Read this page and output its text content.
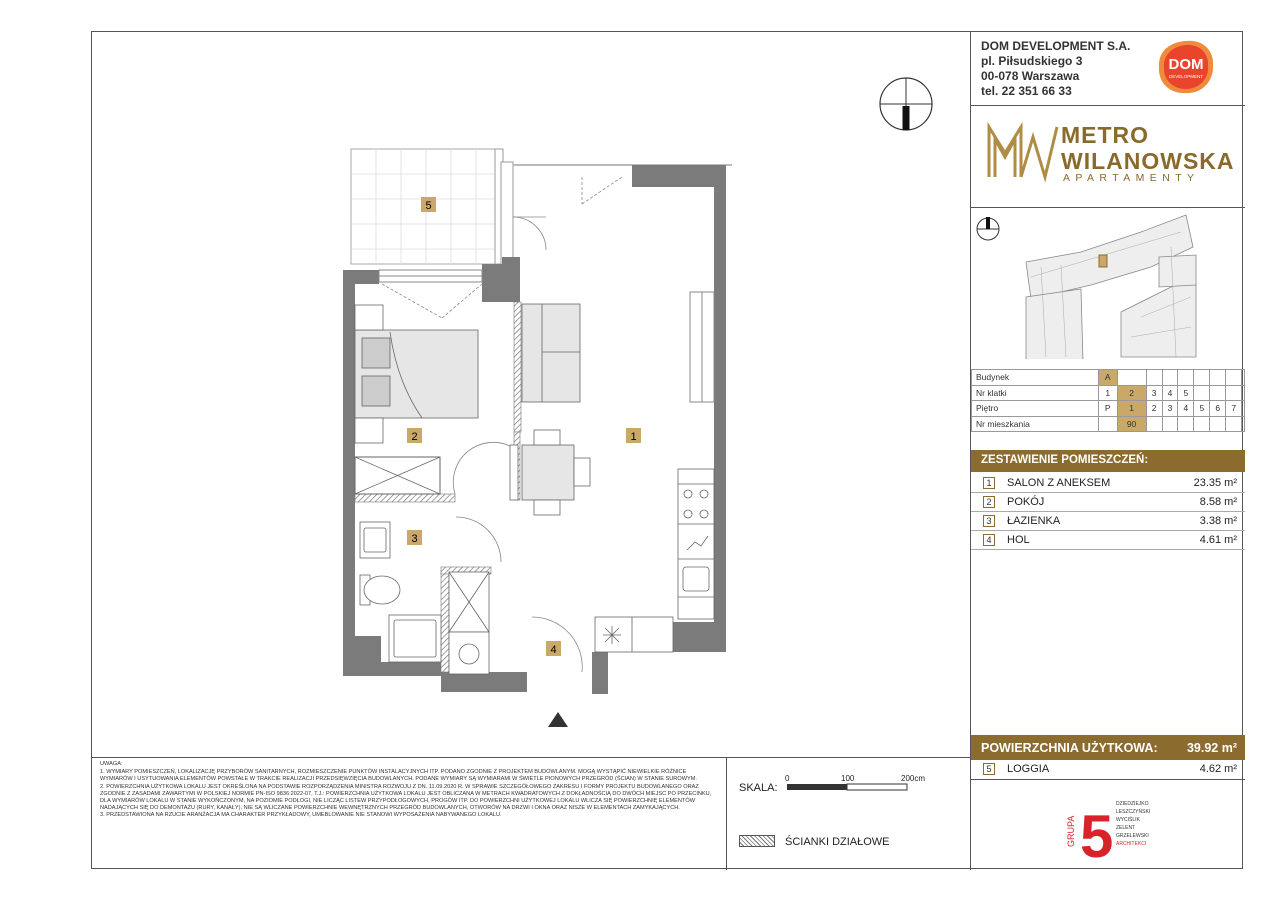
1
2
3
4
5
UWAGA:
1. WYMIARY POMIESZCZEŃ, LOKALIZACJĘ PRZYBORÓW SANITARNYCH, ROZMIESZCZENIE PUNKTÓW INSTALACYJNYCH ITP. PODANO ZGODNIE Z PROJEKTEM BUDOWLANYM. MOGĄ WYSTĄPIĆ NIEWIELKIE RÓŻNICE WYMIARÓW I USYTUOWANIA ELEMENTÓW POWSTAŁE W TRAKCIE REALIZACJI PRZEDSIĘWZIĘCIA BUDOWLANYCH. PODANE WYMIARY SĄ WYMIARAMI W ŚWIETLE PIONOWYCH PRZEGRÓD (ŚCIAN) W STANIE SUROWYM.
2. POWIERZCHNIA UŻYTKOWA LOKALU JEST OKREŚLONA NA PODSTAWIE ROZPORZĄDZENIA MINISTRA ROZWOJU Z DN. 11.09.2020 R. W SPRAWIE SZCZEGÓŁOWEGO ZAKRESU I FORMY PROJEKTU BUDOWLANEGO ORAZ ZGODNIE Z ZASADAMI ZAWARTYMI W POLSKIEJ NORMIE PN-ISO 9836:2022-07, T.J.: POWIERZCHNIA UŻYTKOWA LOKALU JEST OBLICZANA W METRACH KWADRATOWYCH Z DOKŁADNOŚCIĄ DO DWÓCH MIEJSC PO PRZECINKU, DLA WYMIARÓW LOKALU W STANIE WYKOŃCZONYM, NA POZIOMIE PODŁOGI, NIE LICZĄC LISTEW PRZYPODŁOGOWYCH, PROGÓW ITP. DO POWIERZCHNI UŻYTKOWEJ LOKALU WLICZA SIĘ POWIERZCHNIĘ ELEMENTÓW NADAJĄCYCH SIĘ DO DEMONTAŻU (RURY, KANAŁY), NIE SĄ WLICZANE POWIERZCHNIE WEWNĘTRZNYCH PRZEGRÓD BUDOWLANYCH, OTWORÓW NA DRZWI I OKNA ORAZ NISZE W ELEMENTACH ZAMYKAJĄCYCH.
3. PRZEDSTAWIONA NA RZUCIE ARANŻACJA MA CHARAKTER PRZYKŁADOWY, UMEBLOWANIE NIE STANOWI WYPOSAŻENIA NABYWANEGO LOKALU.
SKALA:
0	100	200cm
ŚCIANKI DZIAŁOWE
DOM DEVELOPMENT S.A.
pl. Piłsudskiego 3
00-078 Warszawa
tel. 22 351 66 33
DOM
DEVELOPMENT
METRO
WILANOWSKA
APARTAMENTY
Budynek	A								
Nr klatki	1	2	3	4	5				
Piętro	P	1	2	3	4	5	6	7	
Nr mieszkania		90							
ZESTAWIENIE POMIESZCZEŃ:
1	SALON Z ANEKSEM	23.35 m²
2	POKÓJ	8.58 m²
3	ŁAZIENKA	3.38 m²
4	HOL	4.61 m²
POWIERZCHNIA UŻYTKOWA: 39.92 m²
5	LOGGIA	4.62 m²
GRUPA 5 DZIEDZIEJKO
LESZCZYŃSKI
WYCIŚLIK
ZELENT
GRZELEWSKI
ARCHITEKCI
